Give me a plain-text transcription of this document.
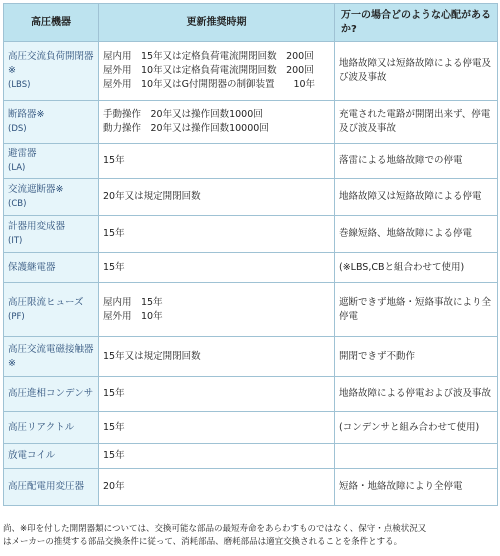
高圧機器	更新推奨時期	万一の場合どのような心配があるか?
高圧交流負荷開閉器※
(LBS)	屋内用　15年又は定格負荷電流開閉回数　200回
屋外用　10年又は定格負荷電流開閉回数　200回
屋外用　10年又はG付開閉器の制御装置　　10年	地絡故障又は短絡故障による停電及び波及事故
断路器※
(DS)	手動操作　20年又は操作回数1000回
動力操作　20年又は操作回数10000回	充電された電路が開閉出来ず、停電及び波及事故
避雷器
(LA)	15年	落雷による地絡故障での停電
交流遮断器※
(CB)	20年又は規定開閉回数	地絡故障又は短絡故障による停電
計器用変成器
(IT)	15年	巻線短絡、地絡故障による停電
保護継電器	15年	(※LBS,CBと組合わせて使用)
高圧限流ヒューズ
(PF)	屋内用　15年
屋外用　10年	遮断できず地絡・短絡事故により全停電
高圧交流電磁接触器※	15年又は規定開閉回数	開閉できず不動作
高圧進相コンデンサ	15年	地絡故障による停電および波及事故
高圧リアクトル	15年	(コンデンサと組み合わせて使用)
放電コイル	15年	

高圧配電用変圧器	20年	短絡・地絡故障により全停電
尚、※印を付した開閉器類については、交換可能な部品の最短寿命をあらわすものではなく、保守・点検状況又
はメーカーの推奨する部品交換条件に従って、消耗部品、磨耗部品は適宜交換されることを条件とする。
